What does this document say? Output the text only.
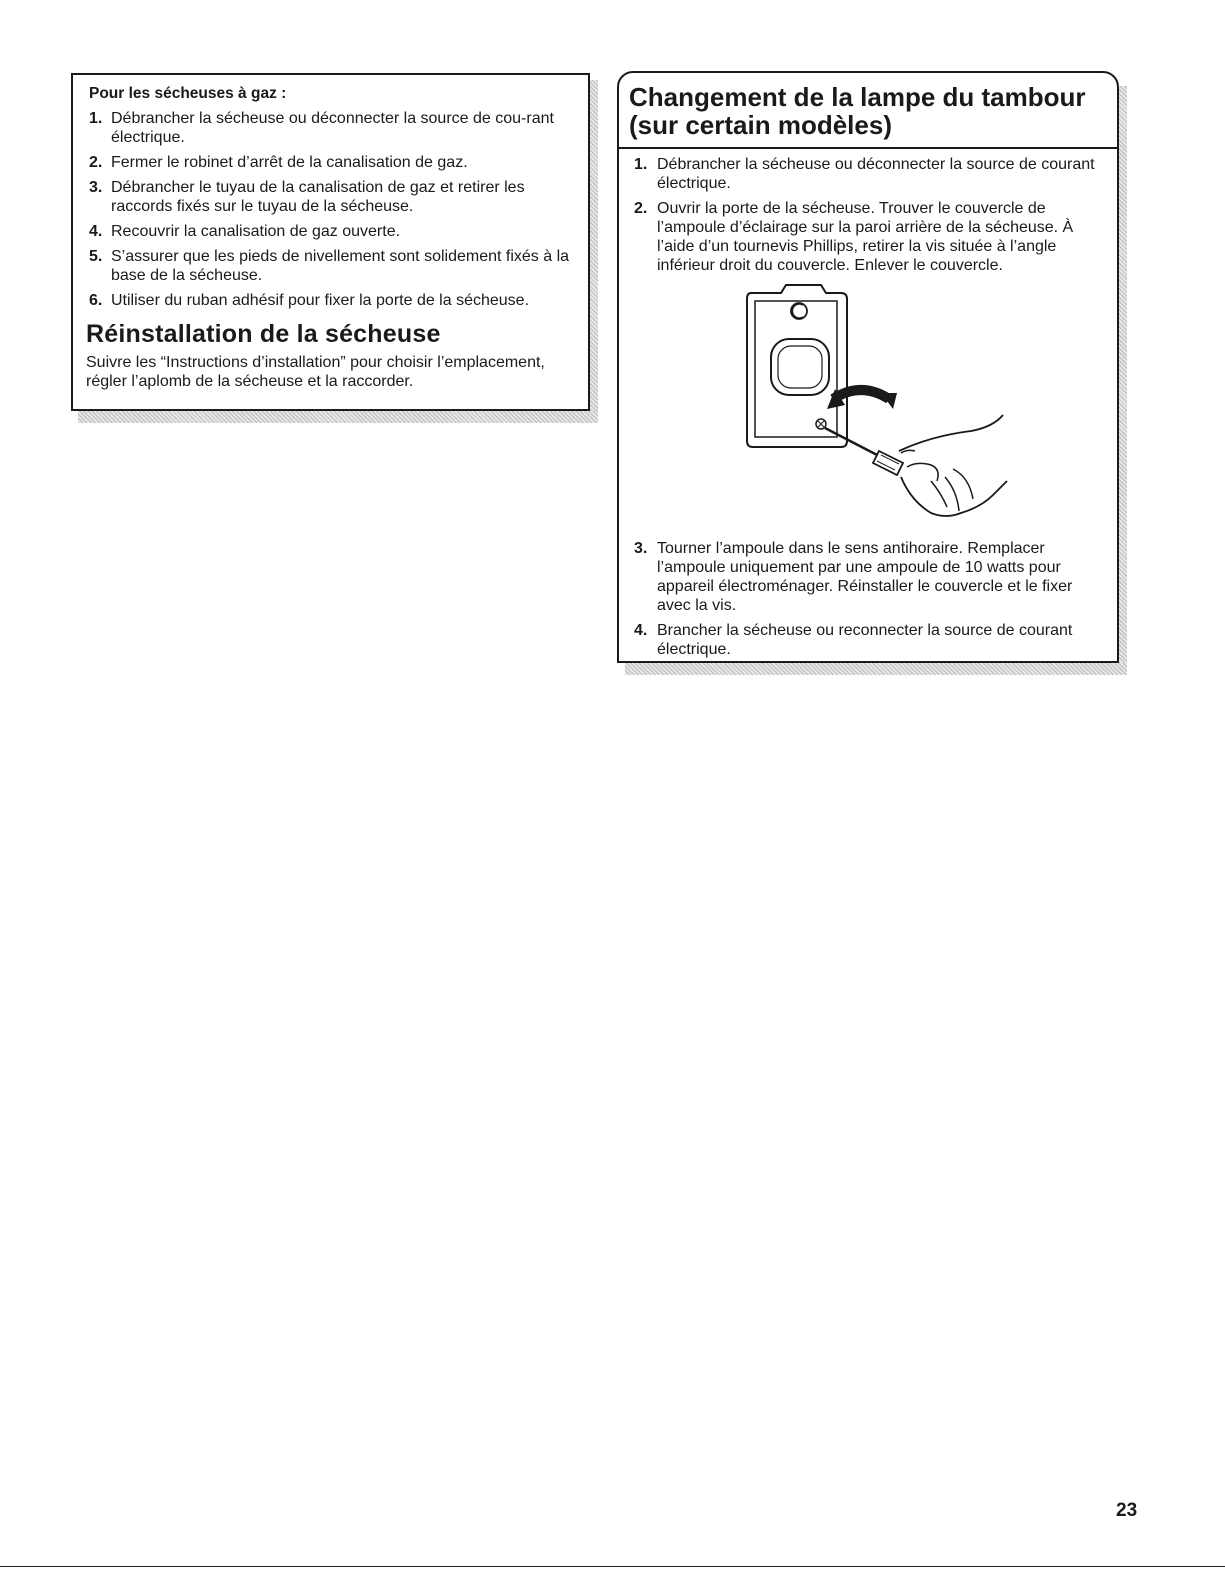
Pour les sécheuses à gaz :
1. Débrancher la sécheuse ou déconnecter la source de cou-rant électrique.
2. Fermer le robinet d’arrêt de la canalisation de gaz.
3. Débrancher le tuyau de la canalisation de gaz et retirer les raccords fixés sur le tuyau de la sécheuse.
4. Recouvrir la canalisation de gaz ouverte.
5. S’assurer que les pieds de nivellement sont solidement fixés à la base de la sécheuse.
6. Utiliser du ruban adhésif pour fixer la porte de la sécheuse.
Réinstallation de la sécheuse

Suivre les “Instructions d’installation” pour choisir l’emplacement, régler l’aplomb de la sécheuse et la raccorder.

Changement de la lampe du tambour (sur certain modèles)
1. Débrancher la sécheuse ou déconnecter la source de courant électrique.
2. Ouvrir la porte de la sécheuse. Trouver le couvercle de l’ampoule d’éclairage sur la paroi arrière de la sécheuse. À l’aide d’un tournevis Phillips, retirer la vis située à l’angle inférieur droit du couvercle. Enlever le couvercle.
3. Tourner l’ampoule dans le sens antihoraire. Remplacer l’ampoule uniquement par une ampoule de 10 watts pour appareil électroménager. Réinstaller le couvercle et le fixer avec la vis.
4. Brancher la sécheuse ou reconnecter la source de courant électrique.
23
